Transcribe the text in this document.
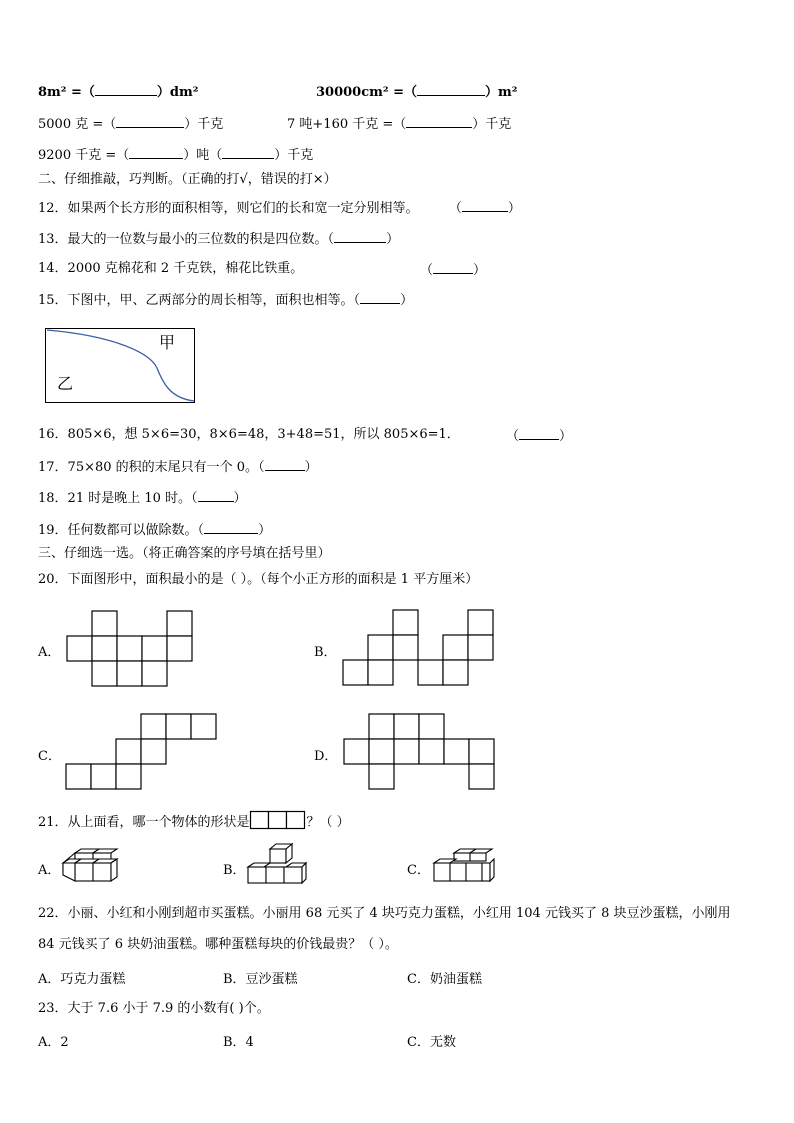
8m² =（	）dm²	30000cm² =（	）m²
5000 克 =（	）千克	7 吨+160 千克 =（	）千克
9200 千克 =（	）吨（	）千克
二、仔细推敲，巧判断。（正确的打√，错误的打×）
12．如果两个长方形的面积相等，则它们的长和宽一定分别相等。 （	）
13．最大的一位数与最小的三位数的积是四位数。（	）
14．2000 克棉花和 2 千克铁，棉花比铁重。	（	）
15．下图中，甲、乙两部分的周长相等，面积也相等。（	）
甲
乙
16．805×6，想 5×6=30，8×6=48，3+48=51，所以 805×6=1．	（	）
17．75×80 的积的末尾只有一个 0。（	）
18．21 时是晚上 10 时。（	）
19．任何数都可以做除数。（	）
三、仔细选一选。（将正确答案的序号填在括号里）
20．下面图形中，面积最小的是（ ）。（每个小正方形的面积是 1 平方厘米）
A．	B．
C．	D．
21．从上面看，哪一个物体的形状是	？（ ）
A．	B．	C．
22．小丽、小红和小刚到超市买蛋糕。小丽用 68 元买了 4 块巧克力蛋糕，小红用 104 元钱买了 8 块豆沙蛋糕，小刚用
84 元钱买了 6 块奶油蛋糕。哪种蛋糕每块的价钱最贵？（ ）。
A．巧克力蛋糕	B．豆沙蛋糕	C．奶油蛋糕
23．大于 7.6 小于 7.9 的小数有( )个。
A．2	B．4	C．无数
